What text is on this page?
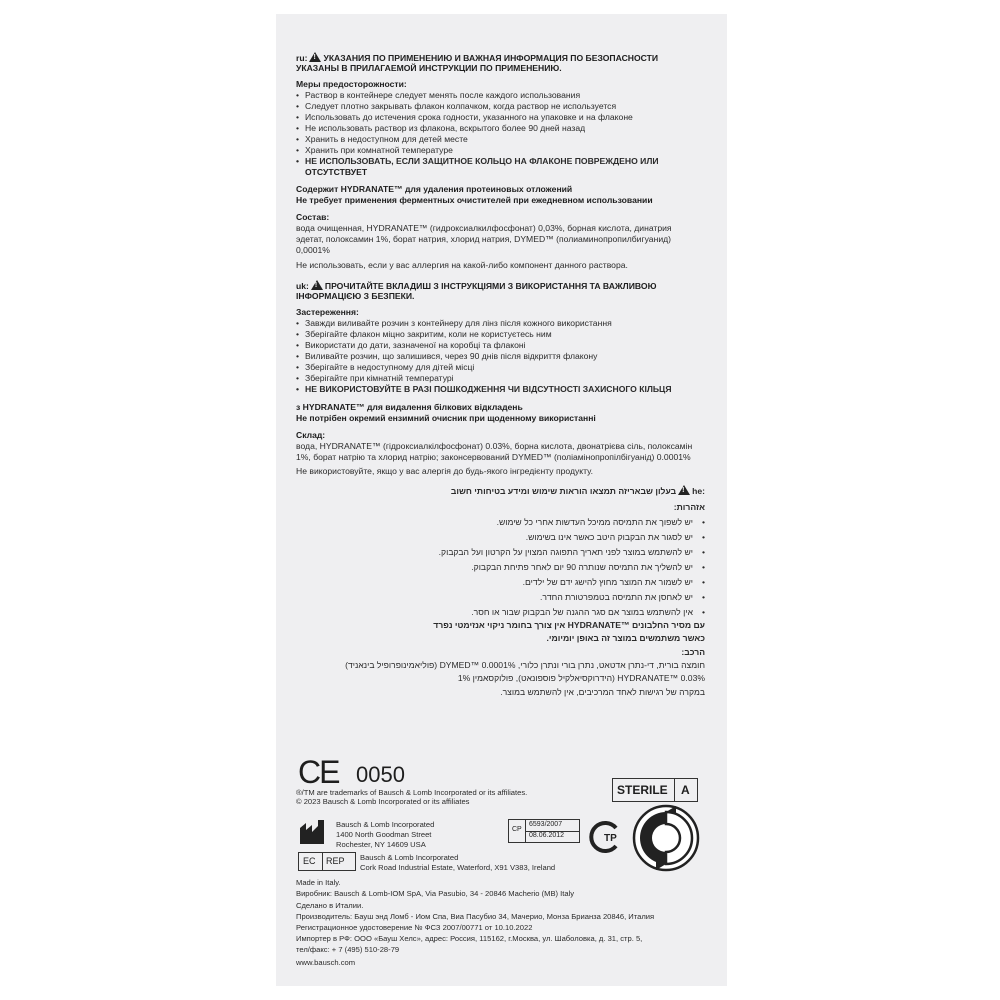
ru: ! УКАЗАНИЯ ПО ПРИМЕНЕНИЮ И ВАЖНАЯ ИНФОРМАЦИЯ ПО БЕЗОПАСНОСТИ
УКАЗАНЫ В ПРИЛАГАЕМОЙ ИНСТРУКЦИИ ПО ПРИМЕНЕНИЮ.
Меры предосторожности:
• Раствор в контейнере следует менять после каждого использования
• Следует плотно закрывать флакон колпачком, когда раствор не используется
• Использовать до истечения срока годности, указанного на упаковке и на флаконе
• Не использовать раствор из флакона, вскрытого более 90 дней назад
• Хранить в недоступном для детей месте
• Хранить при комнатной температуре
• НЕ ИСПОЛЬЗОВАТЬ, ЕСЛИ ЗАЩИТНОЕ КОЛЬЦО НА ФЛАКОНЕ ПОВРЕЖДЕНО ИЛИ
ОТСУТСТВУЕТ
Содержит HYDRANATE™ для удаления протеиновых отложений
Не требует применения ферментных очистителей при ежедневном использовании
Состав:
вода очищенная, HYDRANATE™ (гидроксиалкилфосфонат) 0,03%, борная кислота, динатрия
эдетат, полоксамин 1%, борат натрия, хлорид натрия, DYMED™ (полиаминопропилбигуанид)
0,0001%
Не использовать, если у вас аллергия на какой-либо компонент данного раствора.
uk: ! ПРОЧИТАЙТЕ ВКЛАДИШ З ІНСТРУКЦІЯМИ З ВИКОРИСТАННЯ ТА ВАЖЛИВОЮ
ІНФОРМАЦІЄЮ З БЕЗПЕКИ.
Застереження:
• Завжди виливайте розчин з контейнеру для лінз після кожного використання
• Зберігайте флакон міцно закритим, коли не користуєтесь ним
• Використати до дати, зазначеної на коробці та флаконі
• Виливайте розчин, що залишився, через 90 днів після відкриття флакону
• Зберігайте в недоступному для дітей місці
• Зберігайте при кімнатній температурі
• НЕ ВИКОРИСТОВУЙТЕ В РАЗІ ПОШКОДЖЕННЯ ЧИ ВІДСУТНОСТІ ЗАХИСНОГО КІЛЬЦЯ
з HYDRANATE™ для видалення білкових відкладень
Не потрібен окремий ензимний очисник при щоденному використанні
Склад:
вода, HYDRANATE™ (гідроксиалкілфосфонат) 0.03%, борна кислота, двонатрієва сіль, полоксамін
1%, борат натрію та хлорид натрію; законсервований DYMED™ (поліамінопропілбігуанід) 0.0001%
Не використовуйте, якщо у вас алергія до будь-якого інгредієнту продукту.
:he!בעלון שבאריזה תמצאו הוראות שימוש ומידע בטיחותי חשוב
אזהרות:
• יש לשפוך את התמיסה ממיכל העדשות אחרי כל שימוש.
• יש לסגור את הבקבוק היטב כאשר אינו בשימוש.
• יש להשתמש במוצר לפני תאריך התפוגה המצוין על הקרטון ועל הבקבוק.
• יש להשליך את התמיסה שנותרה 90 יום לאחר פתיחת הבקבוק.
• יש לשמור את המוצר מחוץ להישג ידם של ילדים.
• יש לאחסן את התמיסה בטמפרטורת החדר.
• אין להשתמש במוצר אם סגר ההגנה של הבקבוק שבור או חסר.
עם מסיר החלבונים ™HYDRANATE אין צורך בחומר ניקוי אנזימטי נפרד
כאשר משתמשים במוצר זה באופן יומיומי.
הרכב:
חומצה בורית, די-נתרן אדטאט, נתרן בורי ונתרן כלורי, DYMED™ 0.0001% (פוליאמינופרופיל בינאניד)
HYDRANATE™ 0.03% (הידרוקסיאלקיל פוספונאט), פולוקסאמין 1%
במקרה של רגישות לאחד המרכיבים, אין להשתמש במוצר.
CE 0050
®/TM are trademarks of Bausch & Lomb Incorporated or its affiliates.
© 2023 Bausch & Lomb Incorporated or its affiliates
STERILE A
Bausch & Lomb Incorporated
1400 North Goodman Street
Rochester, NY 14609 USA
CP
6593/2007
08.06.2012	TP
EC REP Bausch & Lomb Incorporated
Cork Road Industrial Estate, Waterford, X91 V383, Ireland
Made in Italy.
Виробник: Bausch & Lomb-IOM SpA, Via Pasubio, 34 - 20846 Macherio (MB) Italy
Сделано в Италии.
Производитель: Бауш энд Ломб - Иом Спа, Виа Пасубио 34, Мачерио, Монза Брианза 20846, Италия
Регистрационное удостоверение № ФСЗ 2007/00771 от 10.10.2022
Импортер в РФ: ООО «Бауш Хелс», адрес: Россия, 115162, г.Москва, ул. Шаболовка, д. 31, стр. 5,
тел/факс: + 7 (495) 510-28-79
www.bausch.com
